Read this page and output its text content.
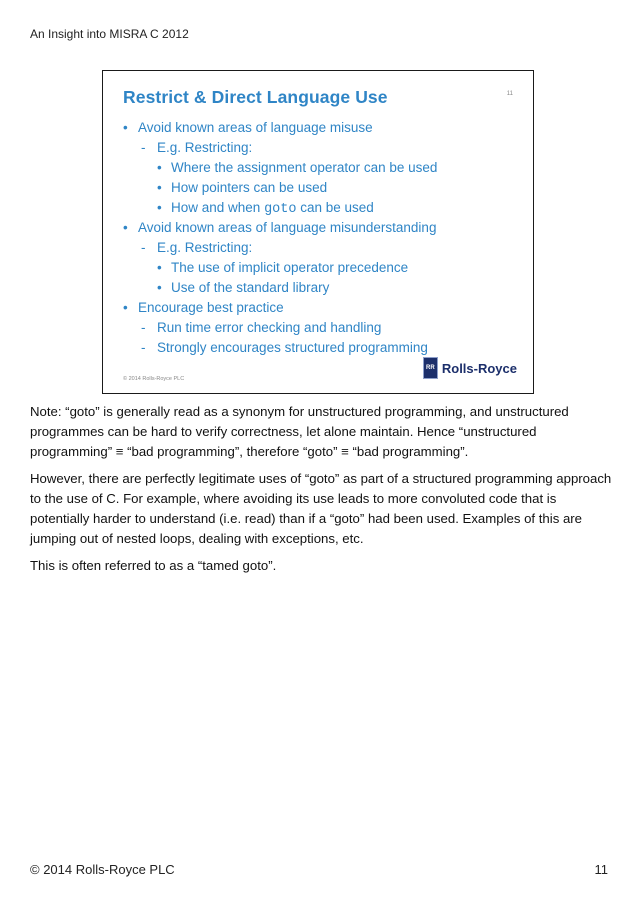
An Insight into MISRA C 2012
Restrict & Direct Language Use	11
• Avoid known areas of language misuse
- E.g. Restricting:
• Where the assignment operator can be used
• How pointers can be used
• How and when goto can be used
• Avoid known areas of language misunderstanding
- E.g. Restricting:
• The use of implicit operator precedence
• Use of the standard library
• Encourage best practice
- Run time error checking and handling
- Strongly encourages structured programming
© 2014 Rolls-Royce PLC
RR Rolls-Royce

Note: “goto” is generally read as a synonym for unstructured programming, and unstructured programmes can be hard to verify correctness, let alone maintain. Hence “unstructured programming” ≡ “bad programming”, therefore “goto” ≡ “bad programming”.

However, there are perfectly legitimate uses of “goto” as part of a structured programming approach to the use of C. For example, where avoiding its use leads to more convoluted code that is potentially harder to understand (i.e. read) than if a “goto” had been used. Examples of this are jumping out of nested loops, dealing with exceptions, etc.

This is often referred to as a “tamed goto”.

© 2014 Rolls-Royce PLC	11
